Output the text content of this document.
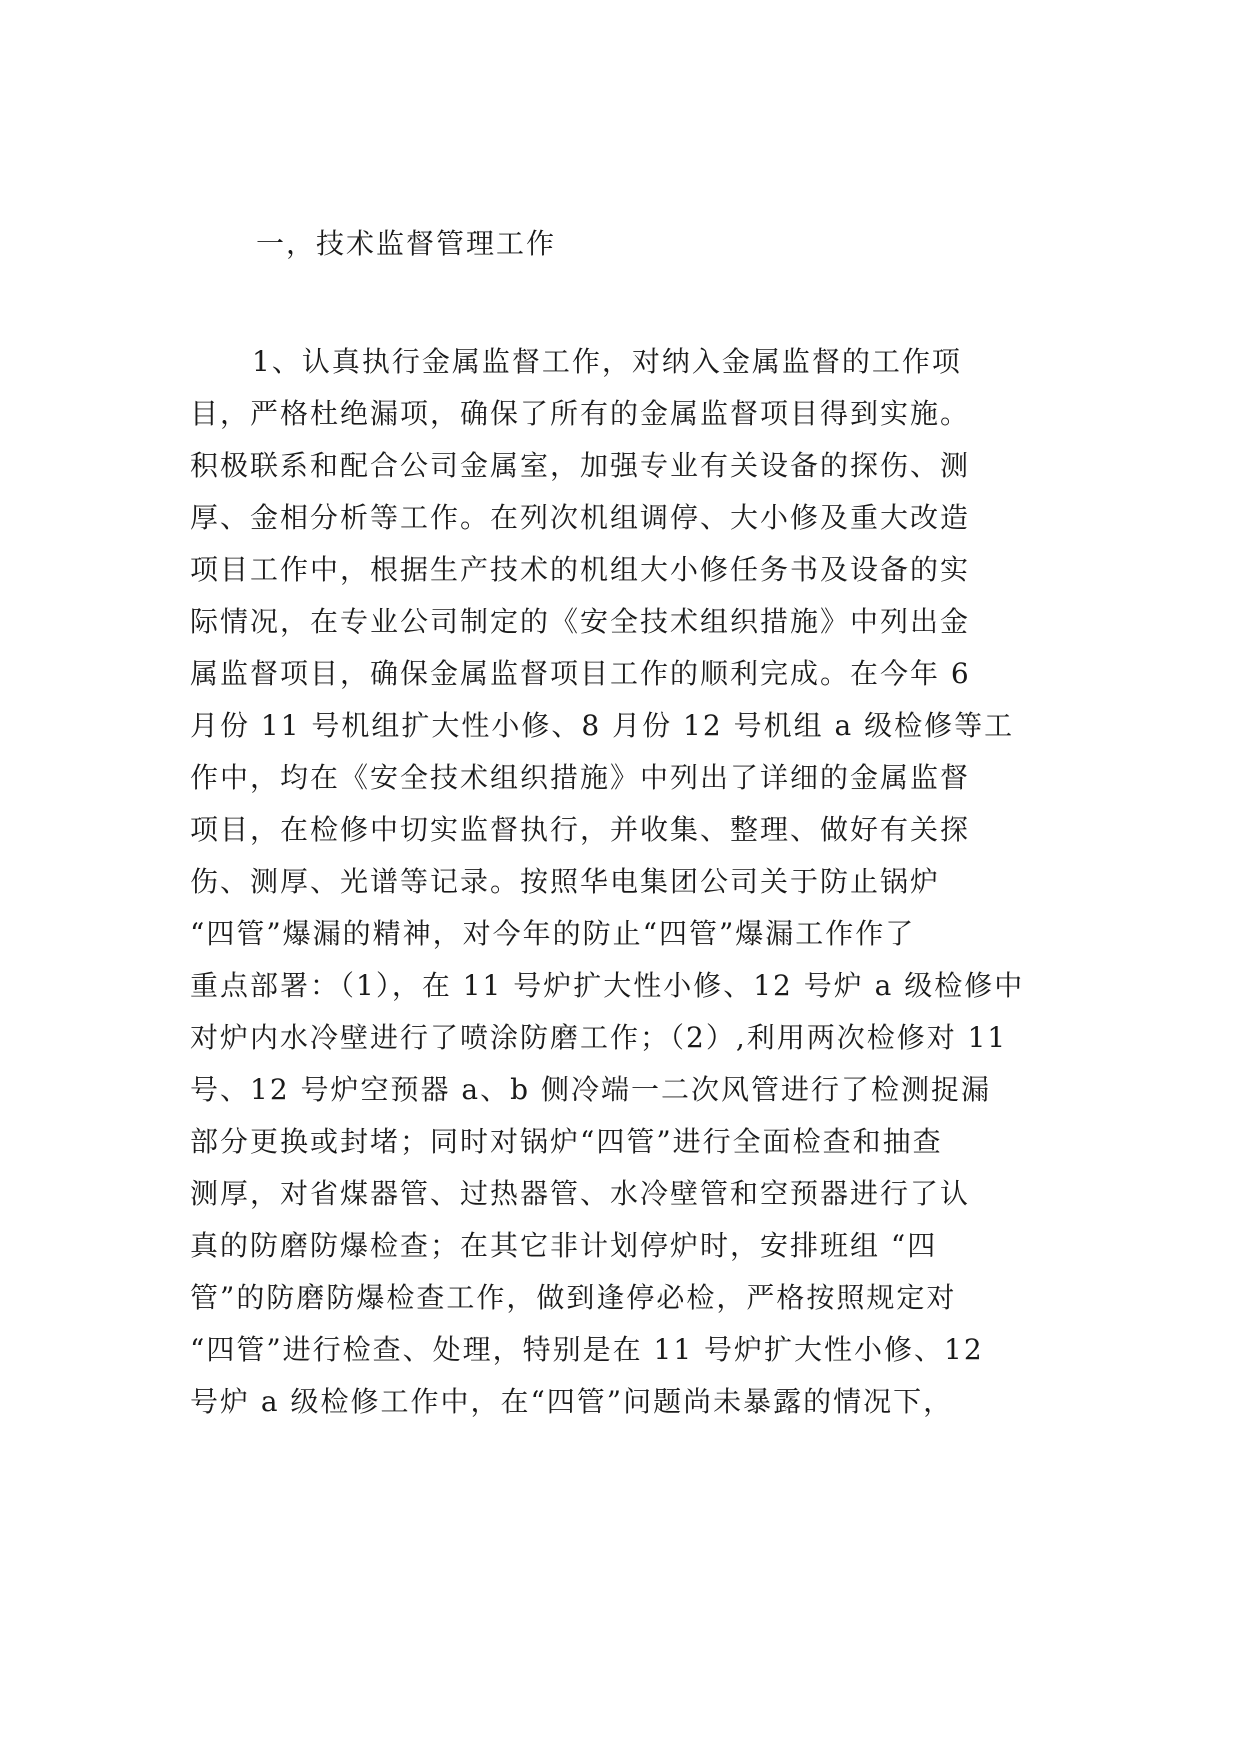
一，技术监督管理工作
1、认真执行金属监督工作，对纳入金属监督的工作项
目，严格杜绝漏项，确保了所有的金属监督项目得到实施。
积极联系和配合公司金属室，加强专业有关设备的探伤、测
厚、金相分析等工作。在列次机组调停、大小修及重大改造
项目工作中，根据生产技术的机组大小修任务书及设备的实
际情况，在专业公司制定的《安全技术组织措施》中列出金
属监督项目，确保金属监督项目工作的顺利完成。在今年 6
月份 11 号机组扩大性小修、8 月份 12 号机组 a 级检修等工
作中，均在《安全技术组织措施》中列出了详细的金属监督
项目，在检修中切实监督执行，并收集、整理、做好有关探
伤、测厚、光谱等记录。按照华电集团公司关于防止锅炉
“四管”爆漏的精神，对今年的防止“四管”爆漏工作作了
重点部署：（1），在 11 号炉扩大性小修、12 号炉 a 级检修中
对炉内水冷壁进行了喷涂防磨工作；（2）,利用两次检修对 11
号、12 号炉空预器 a、b 侧冷端一二次风管进行了检测捉漏
部分更换或封堵；同时对锅炉“四管”进行全面检查和抽查
测厚，对省煤器管、过热器管、水冷壁管和空预器进行了认
真的防磨防爆检查；在其它非计划停炉时，安排班组 “四
管”的防磨防爆检查工作，做到逢停必检，严格按照规定对
“四管”进行检查、处理，特别是在 11 号炉扩大性小修、12
号炉 a 级检修工作中，在“四管”问题尚未暴露的情况下，
